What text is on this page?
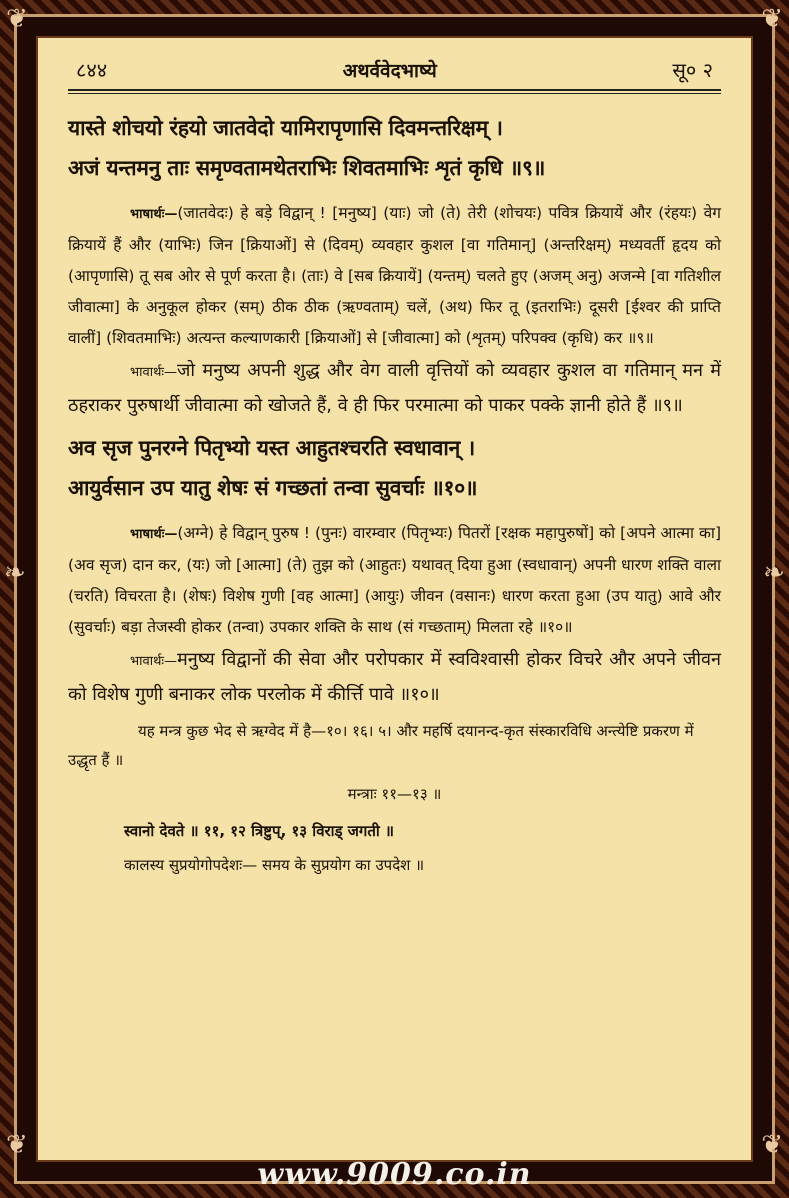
❦	❦
❦	❦
❧	❧
८४४	अथर्ववेदभाष्ये	सू० २
यास्ते शोचयो रंहयो जातवेदो यामिरापृणासि दिवमन्तरिक्षम् ।
अजं यन्तमनु ताः समृण्वतामथेतराभिः शिवतमाभिः शृतं कृधि ॥९॥

भाषार्थः—(जातवेदः) हे बड़े विद्वान् ! [मनुष्य] (याः) जो (ते) तेरी (शोचयः) पवित्र क्रियायें और (रंहयः) वेग क्रियायें हैं और (याभिः) जिन [क्रियाओं] से (दिवम्) व्यवहार कुशल [वा गतिमान्] (अन्तरिक्षम्) मध्यवर्ती हृदय को (आपृणासि) तू सब ओर से पूर्ण करता है। (ताः) वे [सब क्रियायें] (यन्तम्) चलते हुए (अजम् अनु) अजन्मे [वा गतिशील जीवात्मा] के अनुकूल होकर (सम्) ठीक ठीक (ऋण्वताम्) चलें, (अथ) फिर तू (इतराभिः) दूसरी [ईश्वर की प्राप्ति वालीं] (शिवतमाभिः) अत्यन्त कल्याणकारी [क्रियाओं] से [जीवात्मा] को (शृतम्) परिपक्व (कृधि) कर ॥९॥

भावार्थः—जो मनुष्य अपनी शुद्ध और वेग वाली वृत्तियों को व्यवहार कुशल वा गतिमान् मन में ठहराकर पुरुषार्थी जीवात्मा को खोजते हैं, वे ही फिर परमात्मा को पाकर पक्के ज्ञानी होते हैं ॥९॥

अव सृज पुनरग्ने पितृभ्यो यस्त आहुतश्चरति स्वधावान् ।
आयुर्वसान उप यातु शेषः सं गच्छतां तन्वा सुवर्चाः ॥१०॥

भाषार्थः—(अग्ने) हे विद्वान् पुरुष ! (पुनः) वारम्वार (पितृभ्यः) पितरों [रक्षक महापुरुषों] को [अपने आत्मा का] (अव सृज) दान कर, (यः) जो [आत्मा] (ते) तुझ को (आहुतः) यथावत् दिया हुआ (स्वधावान्) अपनी धारण शक्ति वाला (चरति) विचरता है। (शेषः) विशेष गुणी [वह आत्मा] (आयुः) जीवन (वसानः) धारण करता हुआ (उप यातु) आवे और (सुवर्चाः) बड़ा तेजस्वी होकर (तन्वा) उपकार शक्ति के साथ (सं गच्छताम्) मिलता रहे ॥१०॥

भावार्थः—मनुष्य विद्वानों की सेवा और परोपकार में स्वविश्वासी होकर विचरे और अपने जीवन को विशेष गुणी बनाकर लोक परलोक में कीर्त्ति पावे ॥१०॥

यह मन्त्र कुछ भेद से ऋग्वेद में है—१०। १६। ५। और महर्षि दयानन्द-कृत संस्कारविधि अन्त्येष्टि प्रकरण में उद्धृत हैं ॥

मन्त्राः ११—१३ ॥
स्वानो देवते ॥ ११, १२ त्रिष्टुप्, १३ विराड् जगती ॥
कालस्य सुप्रयोगोपदेशः— समय के सुप्रयोग का उपदेश ॥
www.9009.co.in
